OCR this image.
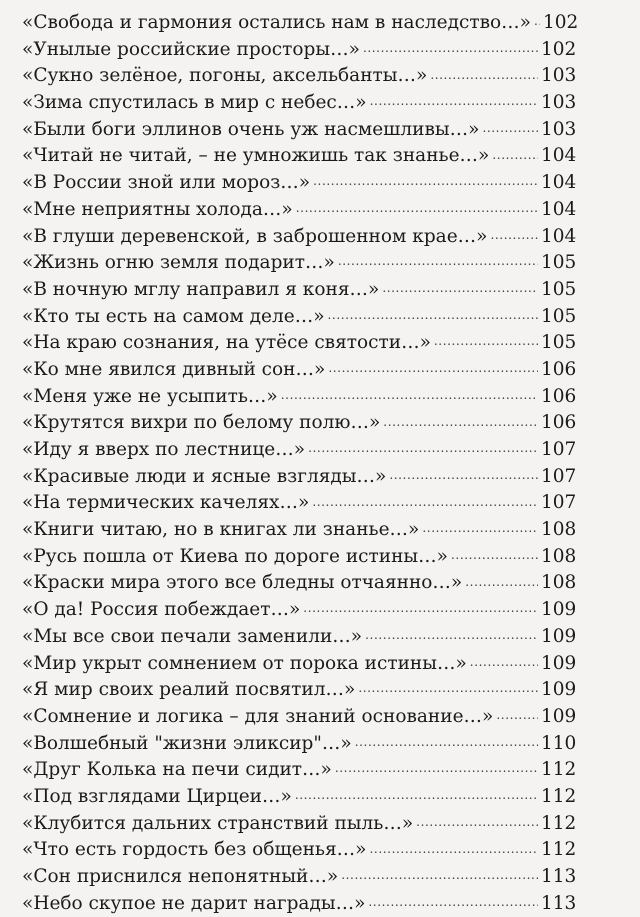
«Свобода и гармония остались нам в наследство…» ..... 102
«Унылые российские просторы…» .....	102
«Сукно зелёное, погоны, аксельбанты…» .....	103
«Зима спустилась в мир с небес…» .....	103
«Были боги эллинов очень уж насмешливы…» .....	103
«Читай не читай, – не умножишь так знанье…» .....	104
«В России зной или мороз…» .....	104
«Мне неприятны холода…» .....	104
«В глуши деревенской, в заброшенном крае…» .....	104
«Жизнь огню земля подарит…» .....	105
«В ночную мглу направил я коня…» .....	105
«Кто ты есть на самом деле…» .....	105
«На краю сознания, на утёсе святости…» .....	105
«Ко мне явился дивный сон…» .....	106
«Меня уже не усыпить…» .....	106
«Крутятся вихри по белому полю…» .....	106
«Иду я вверх по лестнице…» .....	107
«Красивые люди и ясные взгляды…» .....	107
«На термических качелях…» .....	107
«Книги читаю, но в книгах ли знанье…» .....	108
«Русь пошла от Киева по дороге истины…» .....	108
«Краски мира этого все бледны отчаянно…» .....	108
«О да! Россия побеждает…» .....	109
«Мы все свои печали заменили…» .....	109
«Мир укрыт сомнением от порока истины…» .....	109
«Я мир своих реалий посвятил…» .....	109
«Сомнение и логика – для знаний основание…» .....	109
«Волшебный "жизни эликсир"…» .....	110
«Друг Колька на печи сидит…» .....	112
«Под взглядами Цирцеи…» .....	112
«Клубится дальних странствий пыль…» .....	112
«Что есть гордость без общенья…» .....	112
«Сон приснился непонятный…» .....	113
«Небо скупое не дарит награды…» .....	113
